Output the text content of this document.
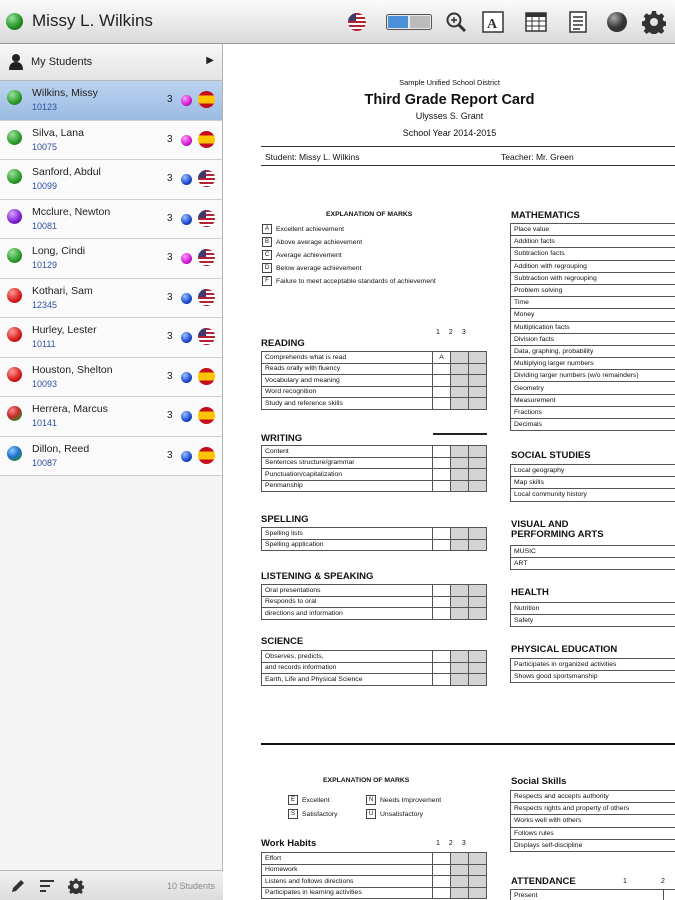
Missy L. Wilkins	A
My Students	▶
Wilkins, Missy
10123
3
Silva, Lana
10075
3
Sanford, Abdul
10099
3
Mcclure, Newton
10081
3
Long, Cindi
10129
3
Kothari, Sam
12345
3
Hurley, Lester
10111
3
Houston, Shelton
10093
3
Herrera, Marcus
10141
3
Dillon, Reed
10087
3
10 Students
Sample Unified School District
Third Grade Report Card
Ulysses S. Grant
School Year 2014-2015
Student: Missy L. Wilkins	Teacher: Mr. Green
EXPLANATION OF MARKS
A	Excellent achievement
B	Above average achievement
C	Average achievement
D	Below average achievement
F	Failure to meet acceptable standards of achievement
123
READING
Comprehends what is read	A		
Reads orally with fluency			
Vocabulary and meaning			
Word recognition			
Study and reference skills			
WRITING
Content			
Sentences structure/grammar			
Punctuation/capitalization			
Penmanship			
SPELLING
Spelling lists			
Spelling application			
LISTENING & SPEAKING
Oral presentations			
Responds to oral			
directions and information			
SCIENCE
Observes, predicts,			
and records information			
Earth, Life and Physical Science			
MATHEMATICS
Place value
Addition facts
Subtraction facts
Addition with regrouping
Subtraction with regrouping
Problem solving
Time
Money
Multiplication facts
Division facts
Data, graphing, probability
Multiplying larger numbers
Dividing larger numbers (w/o remainders)
Geometry
Measurement
Fractions
Decimals
SOCIAL STUDIES
Local geography
Map skills
Local community history
VISUAL AND
PERFORMING ARTS
MUSIC
ART
HEALTH
Nutrition
Safety
PHYSICAL EDUCATION
Participates in organized activities
Shows good sportsmanship
EXPLANATION OF MARKS
E	Excellent	N	Needs Improvement
S	Satisfactory	U	Unsatisfactory
Work Habits	123
Effort			
Homework			
Listens and follows directions			
Participates in learning activities			
Social Skills
Respects and accepts authority
Respects rights and property of others
Works well with others
Follows rules
Displays self-discipline
ATTENDANCE	1	2
Present		
